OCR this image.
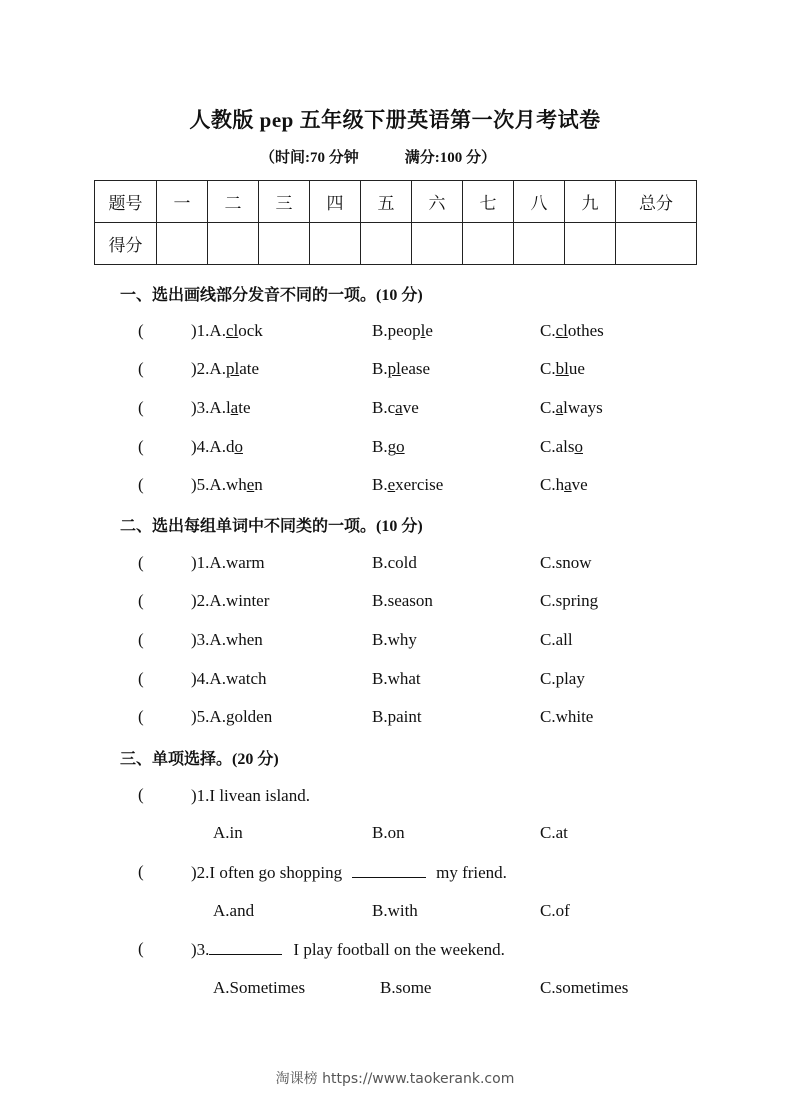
人教版 pep 五年级下册英语第一次月考试卷
（时间:70 分钟	满分:100 分）
题号	一	二	三	四	五	六	七	八	九	总分
得分										
一、选出画线部分发音不同的一项。(10 分)
(	)1.A.clock	B.people	C.clothes
(	)2.A.plate	B.please	C.blue
(	)3.A.late	B.cave	C.always
(	)4.A.do	B.go	C.also
(	)5.A.when	B.exercise	C.have
二、选出每组单词中不同类的一项。(10 分)
(	)1.A.warm	B.cold	C.snow
(	)2.A.winter	B.season	C.spring
(	)3.A.when	B.why	C.all
(	)4.A.watch	B.what	C.play
(	)5.A.golden	B.paint	C.white
三、单项选择。(20 分)
(	)1.I livean island.
A.in	B.on	C.at
(	)2.I often go shopping	my friend.
A.and	B.with	C.of
(	)3.	I play football on the weekend.
A.Sometimes	B.some	C.sometimes
淘课榜 https://www.taokerank.com
